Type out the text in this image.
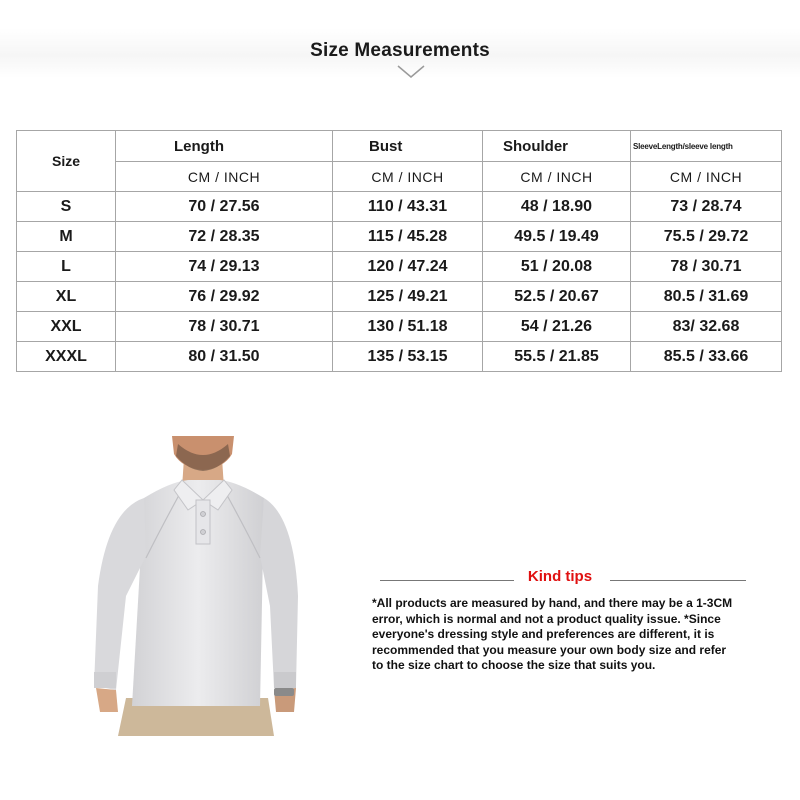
Size Measurements
Size	Length	Bust	Shoulder	SleeveLength/sleeve length
	CM / INCH	CM / INCH	CM / INCH	CM / INCH
S	70 / 27.56	110 / 43.31	48 / 18.90	73 / 28.74
M	72 / 28.35	115 / 45.28	49.5 / 19.49	75.5 / 29.72
L	74 / 29.13	120 / 47.24	51 / 20.08	78 / 30.71
XL	76 / 29.92	125 / 49.21	52.5 / 20.67	80.5 / 31.69
XXL	78 / 30.71	130 / 51.18	54 / 21.26	83/ 32.68
XXXL	80 / 31.50	135 / 53.15	55.5 / 21.85	85.5 / 33.66
Kind tips
*All products are measured by hand, and there may be a 1-3CM
error, which is normal and not a product quality issue. *Since
everyone's dressing style and preferences are different, it is
recommended that you measure your own body size and refer
to the size chart to choose the size that suits you.
